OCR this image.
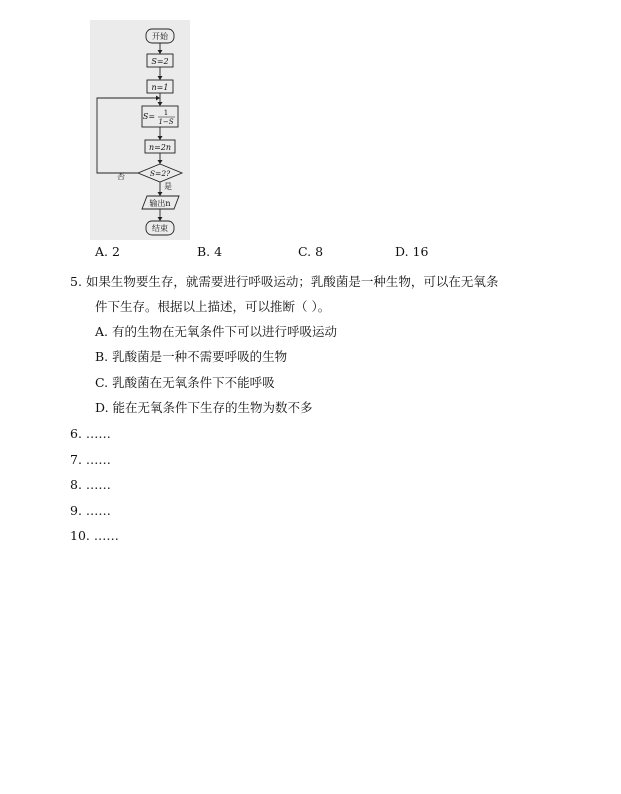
开始
S=2
n=1
S= 1
1−S
n=2n
S=2?
否
是
输出n
结束
A. 2	B. 4	C. 8	D. 16
5. 如果生物要生存，就需要进行呼吸运动；乳酸菌是一种生物，可以在无氧条
件下生存。根据以上描述，可以推断（ ）。
A. 有的生物在无氧条件下可以进行呼吸运动
B. 乳酸菌是一种不需要呼吸的生物
C. 乳酸菌在无氧条件下不能呼吸
D. 能在无氧条件下生存的生物为数不多
6. ……
7. ……
8. ……
9. ……
10. ……
